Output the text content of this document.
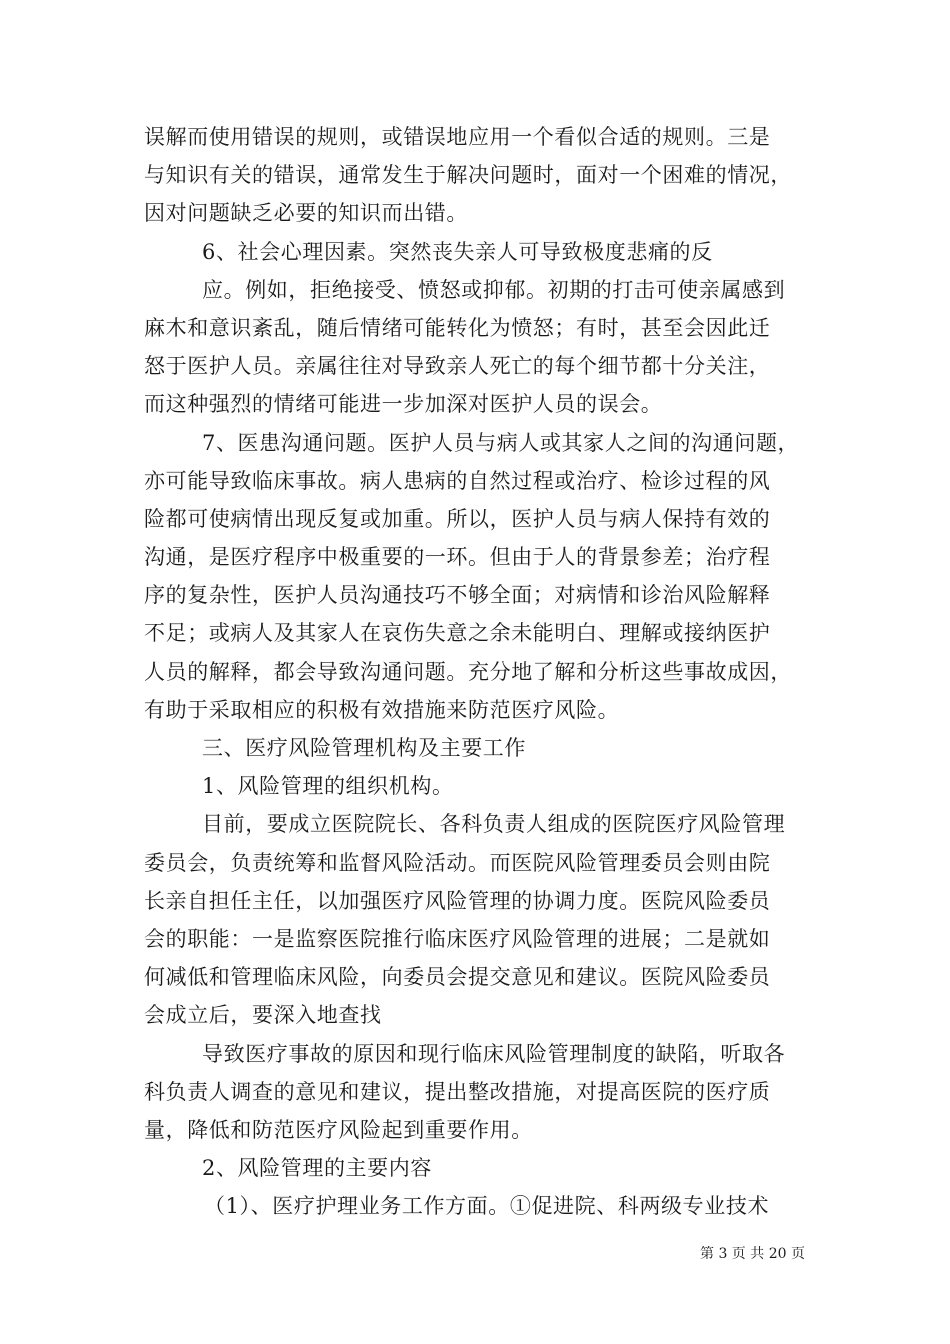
误解而使用错误的规则，或错误地应用一个看似合适的规则。三是
与知识有关的错误，通常发生于解决问题时，面对一个困难的情况，
因对问题缺乏必要的知识而出错。
6、社会心理因素。突然丧失亲人可导致极度悲痛的反
应。例如，拒绝接受、愤怒或抑郁。初期的打击可使亲属感到
麻木和意识紊乱，随后情绪可能转化为愤怒；有时，甚至会因此迁
怒于医护人员。亲属往往对导致亲人死亡的每个细节都十分关注，
而这种强烈的情绪可能进一步加深对医护人员的误会。
7、医患沟通问题。医护人员与病人或其家人之间的沟通问题，
亦可能导致临床事故。病人患病的自然过程或治疗、检诊过程的风
险都可使病情出现反复或加重。所以，医护人员与病人保持有效的
沟通，是医疗程序中极重要的一环。但由于人的背景参差；治疗程
序的复杂性，医护人员沟通技巧不够全面；对病情和诊治风险解释
不足；或病人及其家人在哀伤失意之余未能明白、理解或接纳医护
人员的解释，都会导致沟通问题。充分地了解和分析这些事故成因，
有助于采取相应的积极有效措施来防范医疗风险。
三、医疗风险管理机构及主要工作
1、风险管理的组织机构。
目前，要成立医院院长、各科负责人组成的医院医疗风险管理
委员会，负责统筹和监督风险活动。而医院风险管理委员会则由院
长亲自担任主任，以加强医疗风险管理的协调力度。医院风险委员
会的职能：一是监察医院推行临床医疗风险管理的进展；二是就如
何减低和管理临床风险，向委员会提交意见和建议。医院风险委员
会成立后，要深入地查找
导致医疗事故的原因和现行临床风险管理制度的缺陷，听取各
科负责人调查的意见和建议，提出整改措施，对提高医院的医疗质
量，降低和防范医疗风险起到重要作用。
2、风险管理的主要内容
（1）、医疗护理业务工作方面。①促进院、科两级专业技术
第 3 页 共 20 页
